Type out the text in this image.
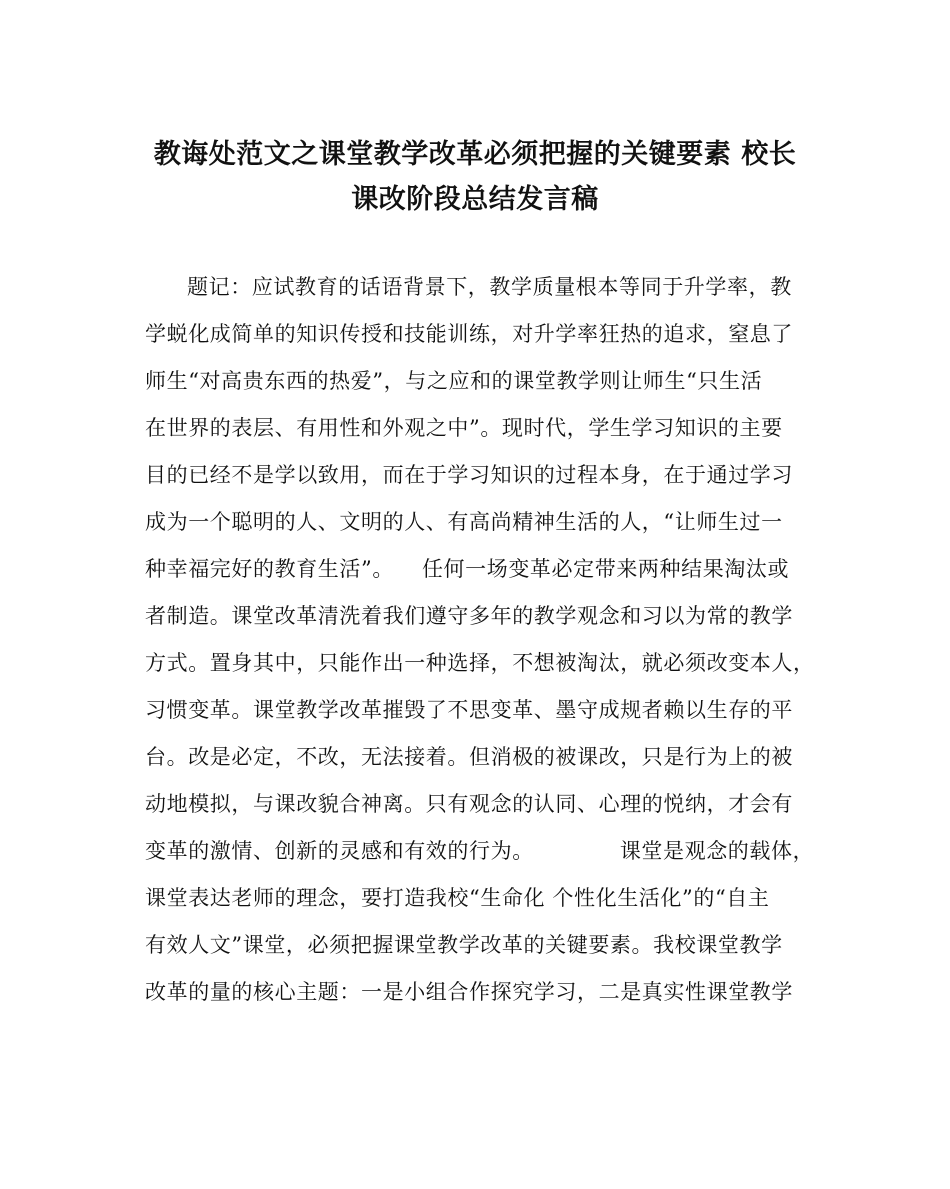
教诲处范文之课堂教学改革必须把握的关键要素 校长
课改阶段总结发言稿
题记：应试教育的话语背景下，教学质量根本等同于升学率，教
学蜕化成简单的知识传授和技能训练，对升学率狂热的追求，窒息了
师生“对高贵东西的热爱”，与之应和的课堂教学则让师生“只生活
在世界的表层、有用性和外观之中”。现时代，学生学习知识的主要
目的已经不是学以致用，而在于学习知识的过程本身，在于通过学习
成为一个聪明的人、文明的人、有高尚精神生活的人，“让师生过一
种幸福完好的教育生活”。 任何一场变革必定带来两种结果淘汰或
者制造。课堂改革清洗着我们遵守多年的教学观念和习以为常的教学
方式。置身其中，只能作出一种选择，不想被淘汰，就必须改变本人，
习惯变革。课堂教学改革摧毁了不思变革、墨守成规者赖以生存的平
台。改是必定，不改，无法接着。但消极的被课改，只是行为上的被
动地模拟，与课改貌合神离。只有观念的认同、心理的悦纳，才会有
变革的激情、创新的灵感和有效的行为。	课堂是观念的载体，
课堂表达老师的理念，要打造我校“生命化 个性化生活化”的“自主
有效人文”课堂，必须把握课堂教学改革的关键要素。我校课堂教学
改革的量的核心主题：一是小组合作探究学习，二是真实性课堂教学
